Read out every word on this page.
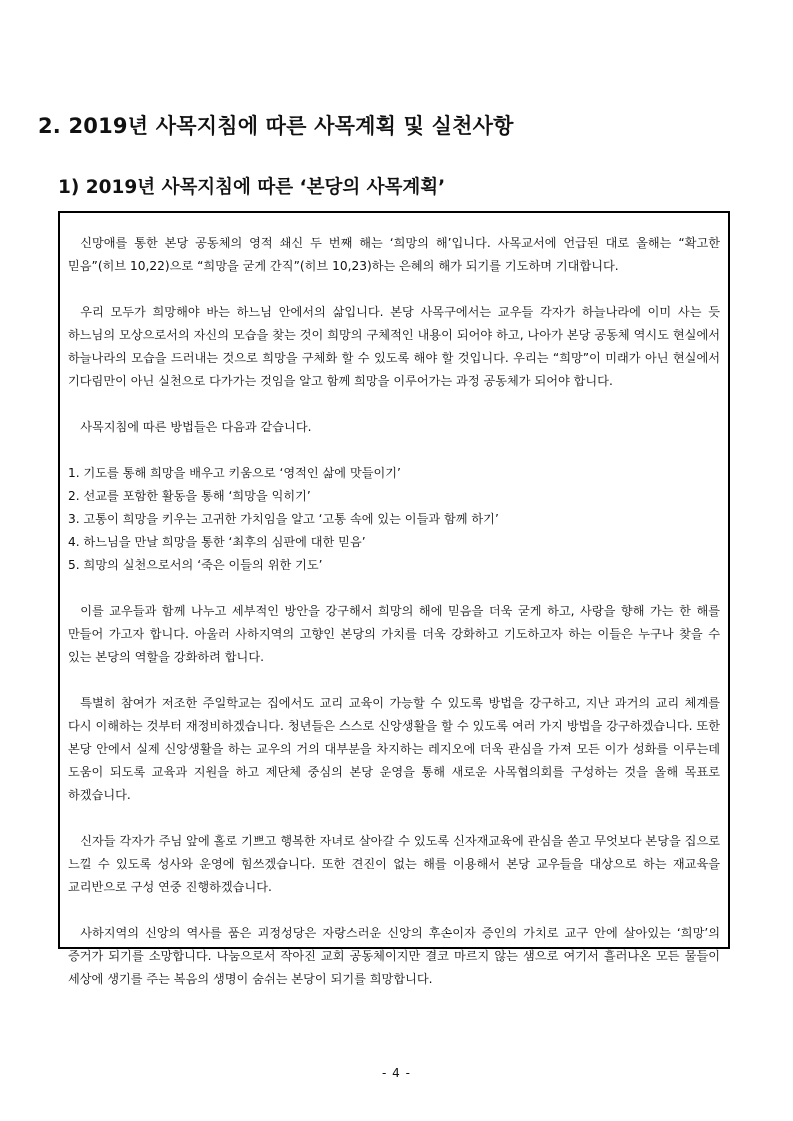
2. 2019년 사목지침에 따른 사목계획 및 실천사항
1) 2019년 사목지침에 따른 ‘본당의 사목계획’

신망애를 통한 본당 공동체의 영적 쇄신 두 번째 해는 ‘희망의 해’입니다. 사목교서에 언급된 대로 올해는 “확고한 믿음”(히브 10,22)으로 “희망을 굳게 간직”(히브 10,23)하는 은혜의 해가 되기를 기도하며 기대합니다.

우리 모두가 희망해야 바는 하느님 안에서의 삶입니다. 본당 사목구에서는 교우들 각자가 하늘나라에 이미 사는 듯 하느님의 모상으로서의 자신의 모습을 찾는 것이 희망의 구체적인 내용이 되어야 하고, 나아가 본당 공동체 역시도 현실에서 하늘나라의 모습을 드러내는 것으로 희망을 구체화 할 수 있도록 해야 할 것입니다. 우리는 “희망”이 미래가 아닌 현실에서 기다림만이 아닌 실천으로 다가가는 것임을 알고 함께 희망을 이루어가는 과정 공동체가 되어야 합니다.

사목지침에 따른 방법들은 다음과 같습니다.

1. 기도를 통해 희망을 배우고 키움으로 ‘영적인 삶에 맛들이기’
2. 선교를 포함한 활동을 통해 ‘희망을 익히기’
3. 고통이 희망을 키우는 고귀한 가치임을 알고 ‘고통 속에 있는 이들과 함께 하기’
4. 하느님을 만날 희망을 통한 ‘최후의 심판에 대한 믿음’
5. 희망의 실천으로서의 ‘죽은 이들의 위한 기도’

이를 교우들과 함께 나누고 세부적인 방안을 강구해서 희망의 해에 믿음을 더욱 굳게 하고, 사랑을 향해 가는 한 해를 만들어 가고자 합니다. 아울러 사하지역의 고향인 본당의 가치를 더욱 강화하고 기도하고자 하는 이들은 누구나 찾을 수 있는 본당의 역할을 강화하려 합니다.

특별히 참여가 저조한 주일학교는 집에서도 교리 교육이 가능할 수 있도록 방법을 강구하고, 지난 과거의 교리 체계를 다시 이해하는 것부터 재정비하겠습니다. 청년들은 스스로 신앙생활을 할 수 있도록 여러 가지 방법을 강구하겠습니다. 또한 본당 안에서 실제 신앙생활을 하는 교우의 거의 대부분을 차지하는 레지오에 더욱 관심을 가져 모든 이가 성화를 이루는데 도움이 되도록 교육과 지원을 하고 제단체 중심의 본당 운영을 통해 새로운 사목협의회를 구성하는 것을 올해 목표로 하겠습니다.

신자들 각자가 주님 앞에 홀로 기쁘고 행복한 자녀로 살아갈 수 있도록 신자재교육에 관심을 쏟고 무엇보다 본당을 집으로 느낄 수 있도록 성사와 운영에 힘쓰겠습니다. 또한 견진이 없는 해를 이용해서 본당 교우들을 대상으로 하는 재교육을 교리반으로 구성 연중 진행하겠습니다.

사하지역의 신앙의 역사를 품은 괴정성당은 자랑스러운 신앙의 후손이자 증인의 가치로 교구 안에 살아있는 ‘희망’의 증거가 되기를 소망합니다. 나눔으로서 작아진 교회 공동체이지만 결코 마르지 않는 샘으로 여기서 흘러나온 모든 물들이 세상에 생기를 주는 복음의 생명이 숨쉬는 본당이 되기를 희망합니다.

- 4 -
